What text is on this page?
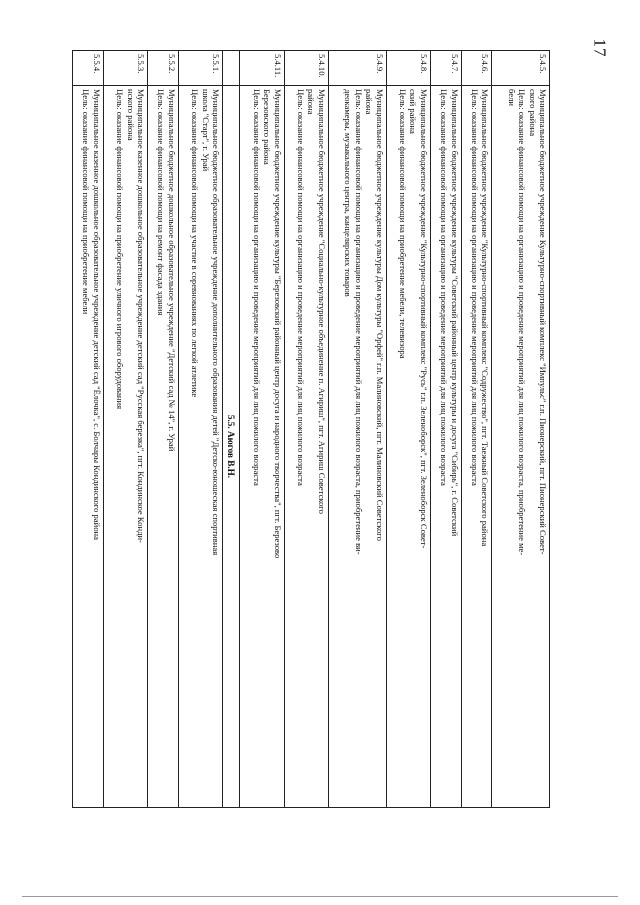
17
5.4.5.	Муниципальное бюджетное учреждение Культурно-спортивный комплекс "Импульс" г.п. Пионерский, пгт. Пионерский Совет-
ского района
Цель: оказание финансовой помощи на организацию и проведение мероприятий для лиц пожилого возраста, приобретение ме-
бели

5.4.6.	Муниципальное бюджетное учреждение "Культурно-спортивный комплекс "Содружество", пгт. Таежный Советского района
Цель: оказание финансовой помощи на организацию и проведение мероприятий для лиц пожилого возраста

5.4.7.	Муниципальное бюджетное учреждение культуры "Советский районный центр культуры и досуга "Сибирь", г. Советский
Цель: оказание финансовой помощи на организацию и проведение мероприятий для лиц пожилого возраста

5.4.8.	Муниципальное бюджетное учреждение "Культурно-спортивный комплекс "Русь" г.п. Зеленоборск", пгт. Зеленоборск Совет-
ский района
Цель: оказание финансовой помощи на приобретение мебели, телевизора

5.4.9.	Муниципальное бюджетное учреждение культуры Дом культуры "Орфей" г.п. Малиновский, пгт. Малиновский Советского
района
Цель: оказание финансовой помощи на организацию и проведение мероприятий для лиц пожилого возраста, приобретение ви-
деокамеры, музыкального центра, канцелярских товаров

5.4.10.	Муниципальное бюджетное учреждение "Социально-культурное объединение п. Агириш", пгт. Агириш Советского
района
Цель: оказание финансовой помощи на организацию и проведение мероприятий для лиц пожилого возраста

5.4.11.	Муниципальное бюджетное учреждение культуры "Березовский районный центр досуга и народного творчества", пгт. Березово
Березовского района
Цель: оказание финансовой помощи на организацию и проведение мероприятий для лиц пожилого возраста

	5.5. Аюгов В.Н.
5.5.1.	Муниципальное бюджетное образовательное учреждение дополнительного образования детей "Детско-юношеская спортивная
школа "Старт", г. Урай
Цель: оказание финансовой помощи на участие в соревнованиях по легкой атлетике

5.5.2.	Муниципальное бюджетное дошкольное образовательное учреждение "Детский сад № 14", г. Урай
Цель: оказание финансовой помощи на ремонт фасада здания

5.5.3.	Муниципальное казенное дошкольное образовательное учреждение детский сад "Русская березка", пгт. Кондинское Конди-
нского района
Цель: оказание финансовой помощи на приобретение уличного игрового оборудования

5.5.4.	Муниципальное казенное дошкольное образовательное учреждение детский сад "Ёлочка", с. Болчары Кондинского района
Цель: оказание финансовой помощи на приобретение мебели
